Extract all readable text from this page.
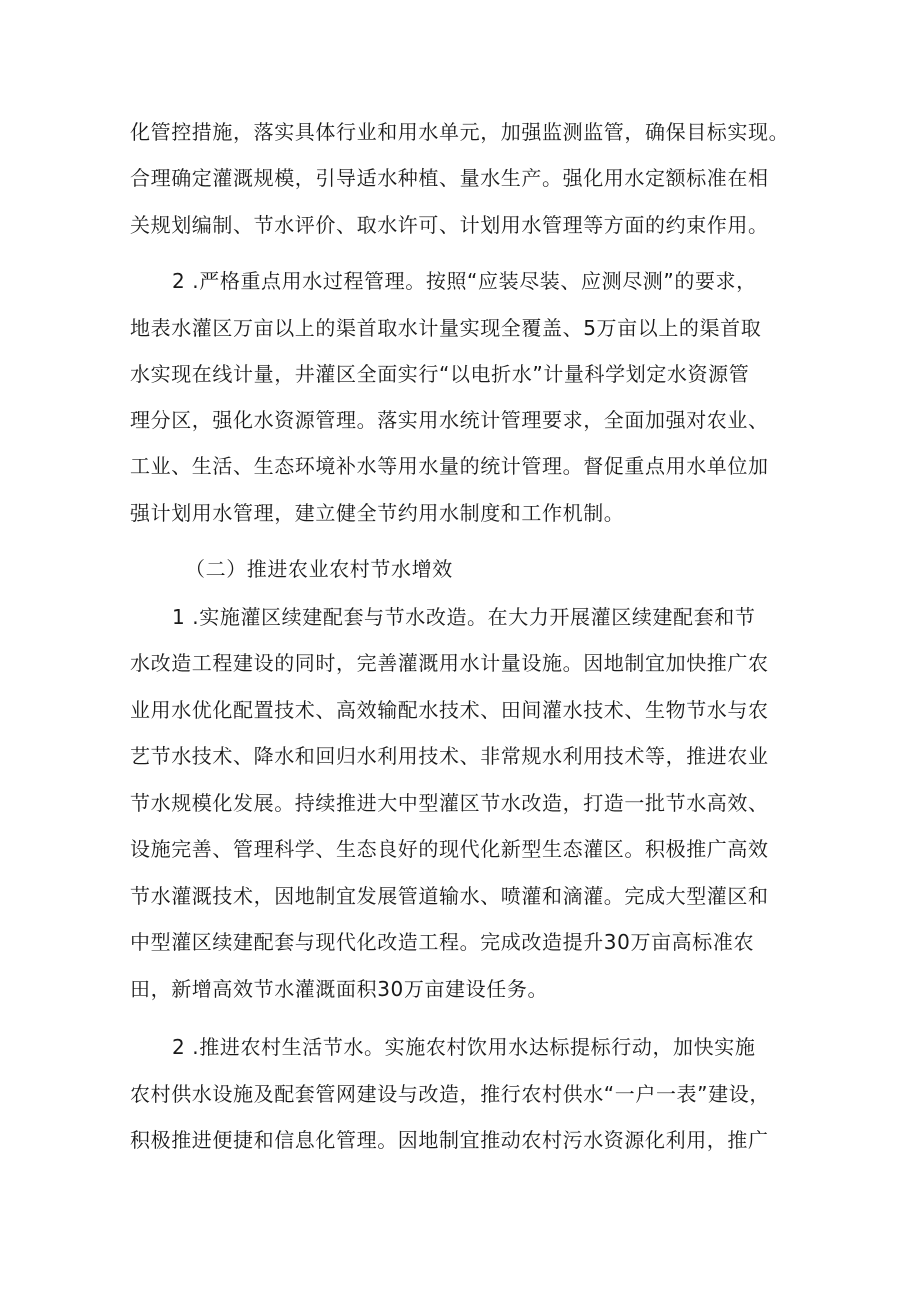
化管控措施，落实具体行业和用水单元，加强监测监管，确保目标实现。
合理确定灌溉规模，引导适水种植、量水生产。强化用水定额标准在相
关规划编制、节水评价、取水许可、计划用水管理等方面的约束作用。
2 .严格重点用水过程管理。按照“应装尽装、应测尽测”的要求，
地表水灌区万亩以上的渠首取水计量实现全覆盖、5万亩以上的渠首取
水实现在线计量，井灌区全面实行“以电折水”计量科学划定水资源管
理分区，强化水资源管理。落实用水统计管理要求，全面加强对农业、
工业、生活、生态环境补水等用水量的统计管理。督促重点用水单位加
强计划用水管理，建立健全节约用水制度和工作机制。
（二）推进农业农村节水增效
1 .实施灌区续建配套与节水改造。在大力开展灌区续建配套和节
水改造工程建设的同时，完善灌溉用水计量设施。因地制宜加快推广农
业用水优化配置技术、高效输配水技术、田间灌水技术、生物节水与农
艺节水技术、降水和回归水利用技术、非常规水利用技术等，推进农业
节水规模化发展。持续推进大中型灌区节水改造，打造一批节水高效、
设施完善、管理科学、生态良好的现代化新型生态灌区。积极推广高效
节水灌溉技术，因地制宜发展管道输水、喷灌和滴灌。完成大型灌区和
中型灌区续建配套与现代化改造工程。完成改造提升30万亩高标准农
田，新增高效节水灌溉面积30万亩建设任务。
2 .推进农村生活节水。实施农村饮用水达标提标行动，加快实施
农村供水设施及配套管网建设与改造，推行农村供水“一户一表”建设，
积极推进便捷和信息化管理。因地制宜推动农村污水资源化利用，推广
